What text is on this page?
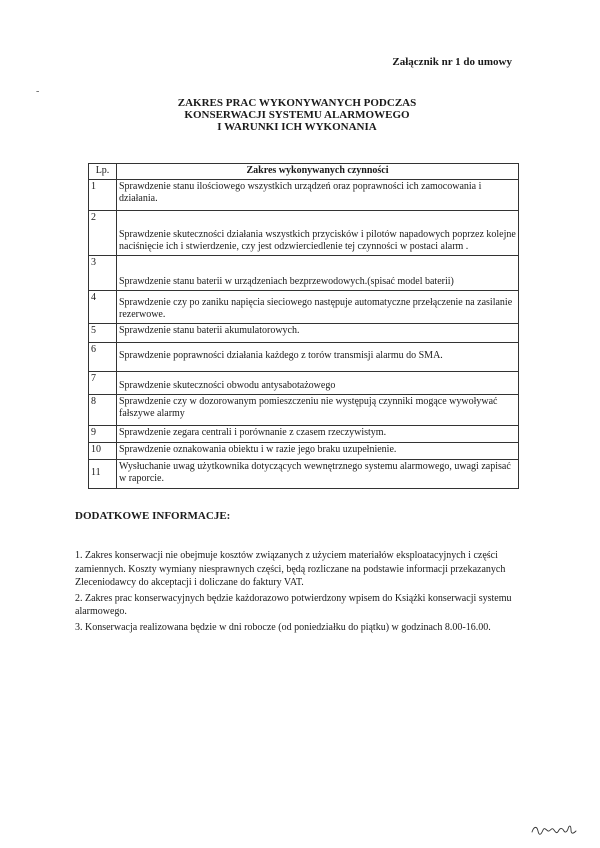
Załącznik nr 1 do umowy
-
ZAKRES PRAC WYKONYWANYCH PODCZAS
KONSERWACJI SYSTEMU ALARMOWEGO
I WARUNKI ICH WYKONANIA
Lp.	Zakres wykonywanych czynności
1	Sprawdzenie stanu ilościowego wszystkich urządzeń oraz poprawności ich zamocowania i działania.
2	Sprawdzenie skuteczności działania wszystkich przycisków i pilotów napadowych poprzez kolejne naciśnięcie ich i stwierdzenie, czy jest odzwierciedlenie tej czynności w postaci alarm .
3	Sprawdzenie stanu baterii w urządzeniach bezprzewodowych.(spisać model baterii)
4	Sprawdzenie czy po zaniku napięcia sieciowego następuje automatyczne przełączenie na zasilanie rezerwowe.
5	Sprawdzenie stanu baterii akumulatorowych.
6	Sprawdzenie poprawności działania każdego z torów transmisji alarmu do SMA.
7	Sprawdzenie skuteczności obwodu antysabotażowego
8	Sprawdzenie czy w dozorowanym pomieszczeniu nie występują czynniki mogące wywoływać fałszywe alarmy
9	Sprawdzenie zegara centrali i porównanie z czasem rzeczywistym.
10	Sprawdzenie oznakowania obiektu i w razie jego braku uzupełnienie.
11	Wysłuchanie uwag użytkownika dotyczących wewnętrznego systemu alarmowego, uwagi zapisać w raporcie.
DODATKOWE INFORMACJE:

1. Zakres konserwacji nie obejmuje kosztów związanych z użyciem materiałów eksploatacyjnych i części zamiennych. Koszty wymiany niesprawnych części, będą rozliczane na podstawie informacji przekazanych Zleceniodawcy do akceptacji i doliczane do faktury VAT.

2. Zakres prac konserwacyjnych będzie każdorazowo potwierdzony wpisem do Książki konserwacji systemu alarmowego.

3. Konserwacja realizowana będzie w dni robocze (od poniedziałku do piątku) w godzinach 8.00-16.00.
